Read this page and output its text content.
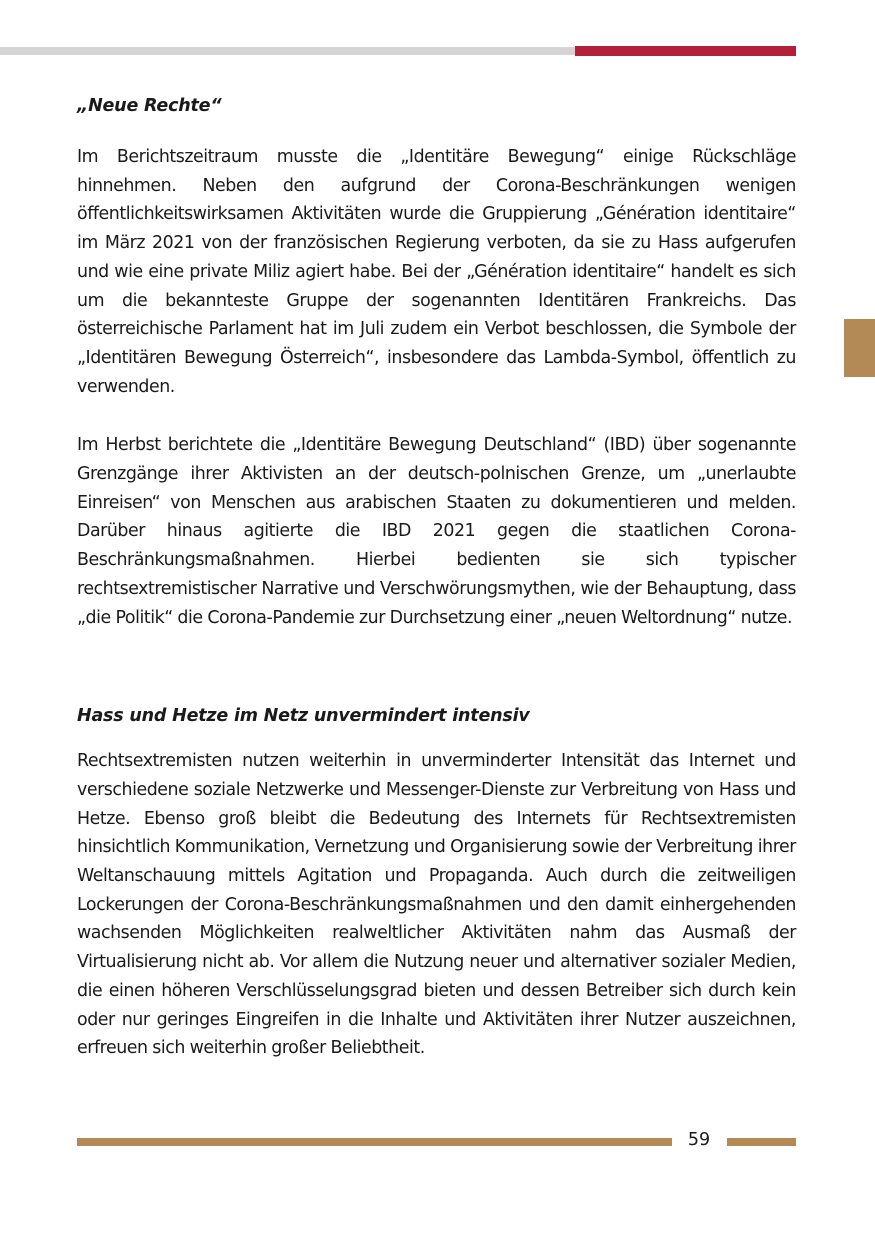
„Neue Rechte“

Im Berichtszeitraum musste die „Identitäre Bewegung“ einige Rückschläge hinnehmen. Neben den aufgrund der Corona-Beschränkungen wenigen öffentlichkeitswirksamen Aktivitäten wurde die Gruppierung „Génération identitaire“ im März 2021 von der französischen Regierung verboten, da sie zu Hass aufgerufen und wie eine private Miliz agiert habe. Bei der „Génération identitaire“ handelt es sich um die bekannteste Gruppe der sogenannten Identitären Frankreichs. Das österreichische Parlament hat im Juli zudem ein Verbot beschlossen, die Symbole der „Identitären Bewegung Österreich“, insbesondere das Lambda-Symbol, öffentlich zu verwenden.

Im Herbst berichtete die „Identitäre Bewegung Deutschland“ (IBD) über sogenannte Grenzgänge ihrer Aktivisten an der deutsch-polnischen Grenze, um „unerlaubte Einreisen“ von Menschen aus arabischen Staaten zu dokumentieren und melden. Darüber hinaus agitierte die IBD 2021 gegen die staatlichen Corona-Beschränkungsmaßnahmen. Hierbei bedienten sie sich typischer rechtsextremistischer Narrative und Verschwörungsmythen, wie der Behauptung, dass „die Politik“ die Corona-Pandemie zur Durchsetzung einer „neuen Weltordnung“ nutze.

Hass und Hetze im Netz unvermindert intensiv

Rechtsextremisten nutzen weiterhin in unverminderter Intensität das Internet und verschiedene soziale Netzwerke und Messenger-Dienste zur Verbreitung von Hass und Hetze. Ebenso groß bleibt die Bedeutung des Internets für Rechtsextremisten hinsichtlich Kommunikation, Vernetzung und Organisierung sowie der Verbreitung ihrer Weltanschauung mittels Agitation und Propaganda. Auch durch die zeitweiligen Lockerungen der Corona-Beschränkungsmaßnahmen und den damit einhergehenden wachsenden Möglichkeiten realweltlicher Aktivitäten nahm das Ausmaß der Virtualisierung nicht ab. Vor allem die Nutzung neuer und alternativer sozialer Medien, die einen höheren Verschlüsselungsgrad bieten und dessen Betreiber sich durch kein oder nur geringes Eingreifen in die Inhalte und Aktivitäten ihrer Nutzer auszeichnen, erfreuen sich weiterhin großer Beliebtheit.

59
